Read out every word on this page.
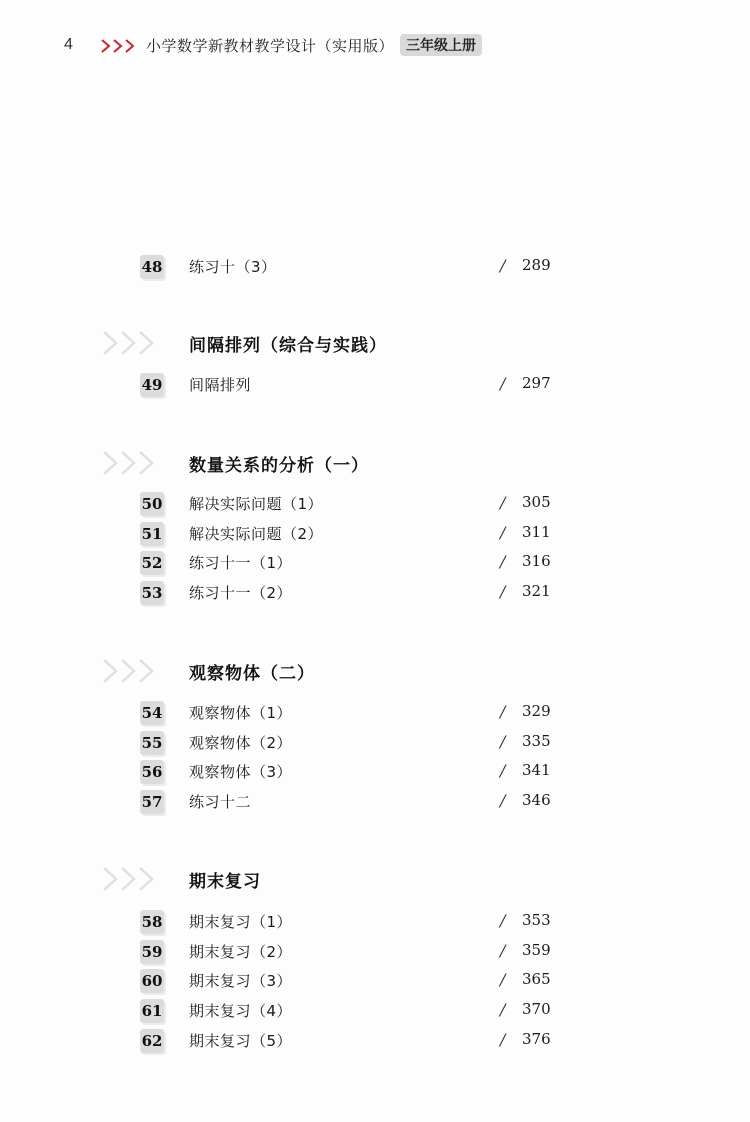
4	小学数学新教材教学设计（实用版） 三年级上册
48 练习十（3）	/ 289
间隔排列（综合与实践）
49 间隔排列	/ 297
数量关系的分析（一）
50 解决实际问题（1）	/ 305
51 解决实际问题（2）	/ 311
52 练习十一（1）	/ 316
53 练习十一（2）	/ 321
观察物体（二）
54 观察物体（1）	/ 329
55 观察物体（2）	/ 335
56 观察物体（3）	/ 341
57 练习十二	/ 346
期末复习
58 期末复习（1）	/ 353
59 期末复习（2）	/ 359
60 期末复习（3）	/ 365
61 期末复习（4）	/ 370
62 期末复习（5）	/ 376
